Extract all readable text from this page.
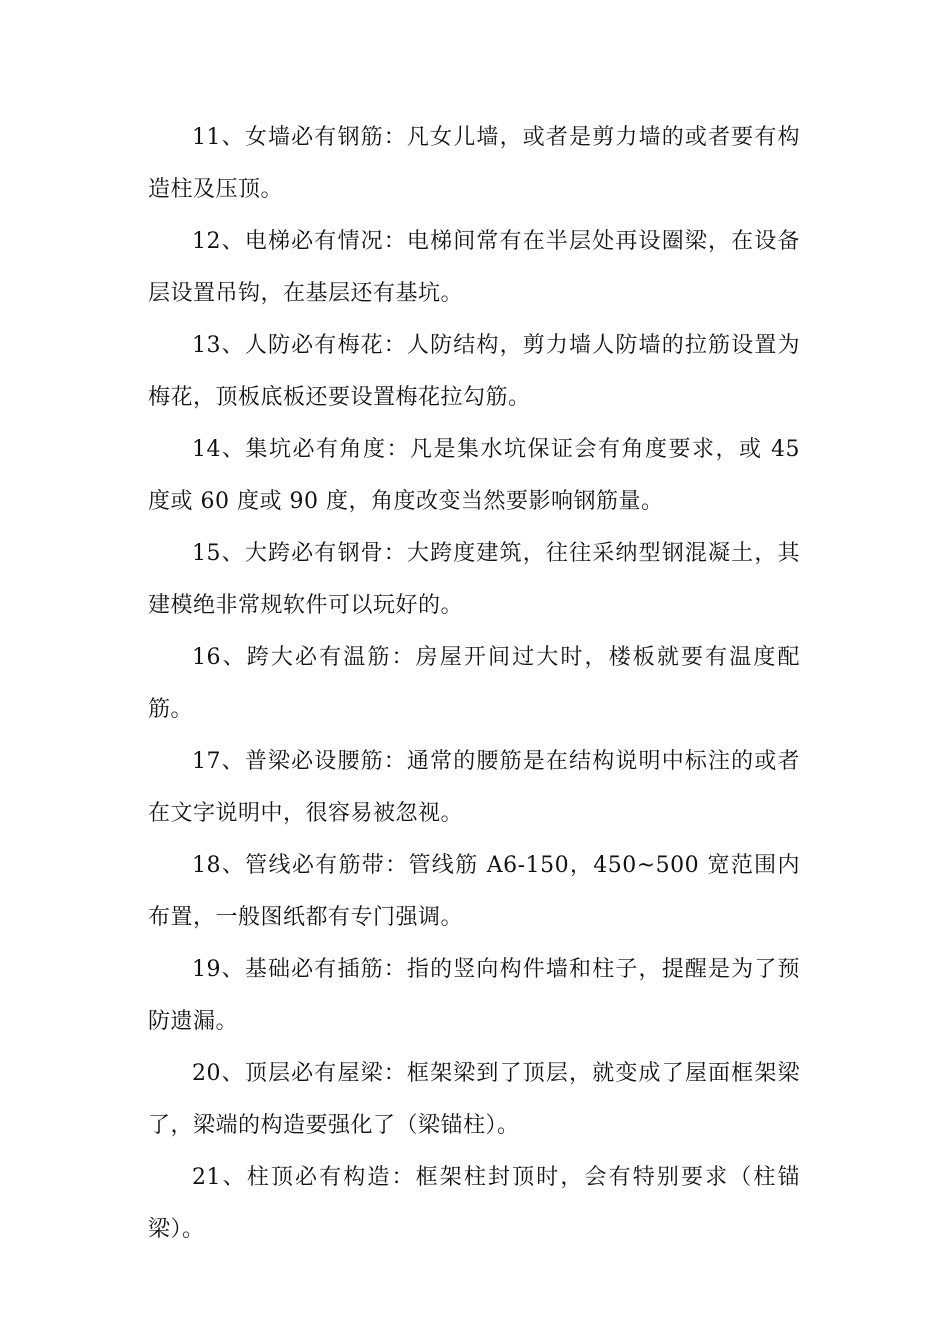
11、女墙必有钢筋：凡女儿墙，或者是剪力墙的或者要有构造柱及压顶。

12、电梯必有情况：电梯间常有在半层处再设圈梁，在设备层设置吊钩，在基层还有基坑。

13、人防必有梅花：人防结构，剪力墙人防墙的拉筋设置为梅花，顶板底板还要设置梅花拉勾筋。

14、集坑必有角度：凡是集水坑保证会有角度要求，或 45 度或 60 度或 90 度，角度改变当然要影响钢筋量。

15、大跨必有钢骨：大跨度建筑，往往采纳型钢混凝土，其建模绝非常规软件可以玩好的。

16、跨大必有温筋：房屋开间过大时，楼板就要有温度配筋。

17、普梁必设腰筋：通常的腰筋是在结构说明中标注的或者在文字说明中，很容易被忽视。

18、管线必有筋带：管线筋 A6-150，450~500 宽范围内布置，一般图纸都有专门强调。

19、基础必有插筋：指的竖向构件墙和柱子，提醒是为了预防遗漏。

20、顶层必有屋梁：框架梁到了顶层，就变成了屋面框架梁了，梁端的构造要强化了（梁锚柱）。

21、柱顶必有构造：框架柱封顶时，会有特别要求（柱锚梁）。
